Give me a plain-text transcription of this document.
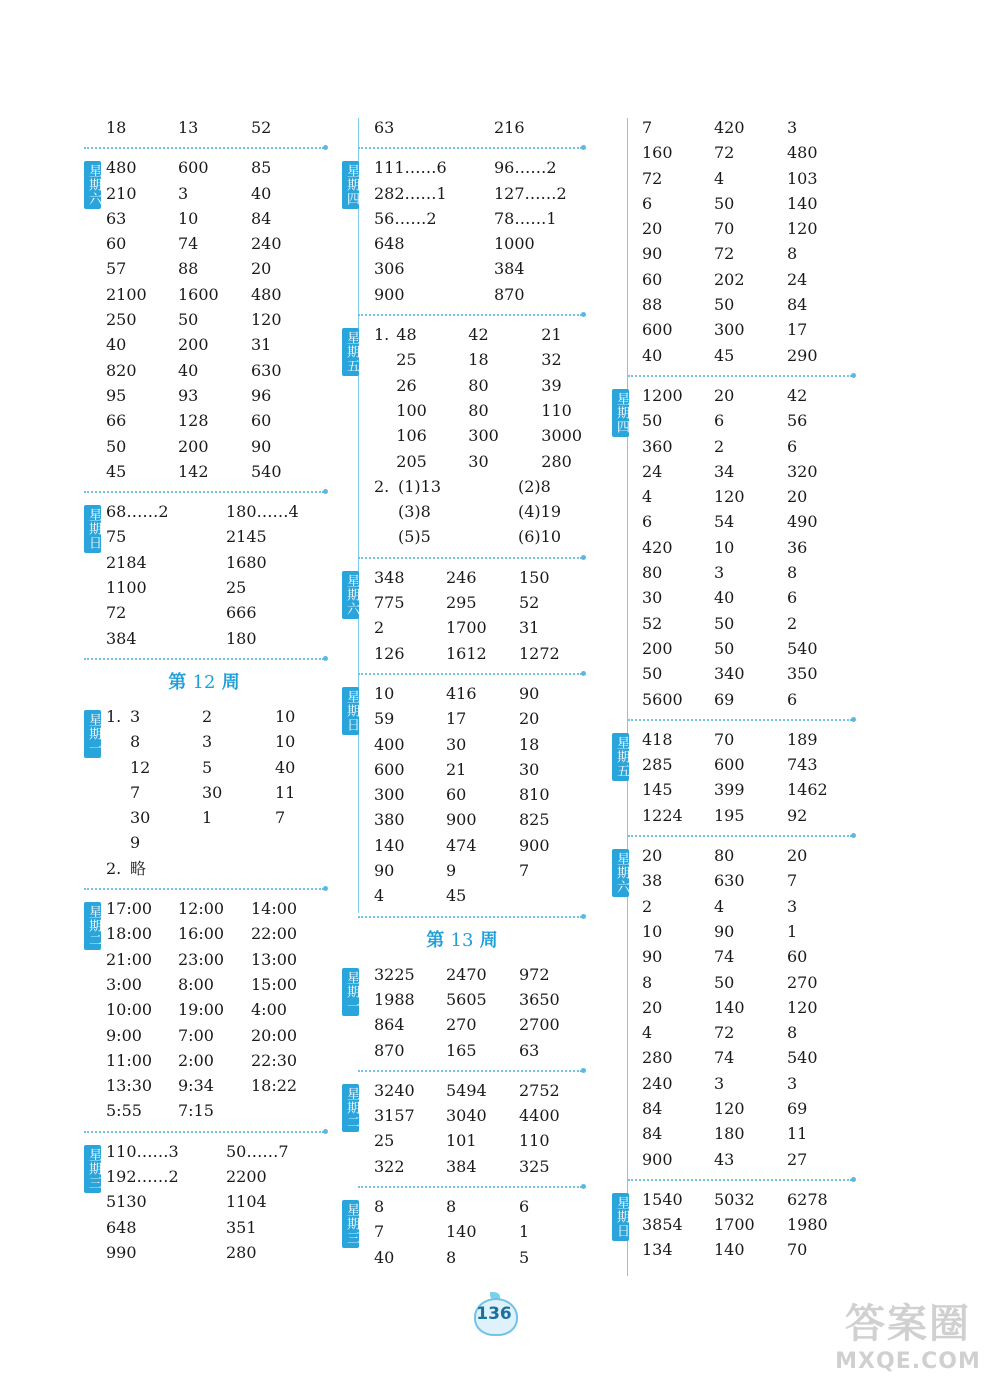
18	13	52
星期六 480	600	85
210	3	40
63	10	84
60	74	240
57	88	20
2100	1600	480
250	50	120
40	200	31
820	40	630
95	93	96
66	128	60
50	200	90
45	142	540
星期日 68……2	180……4
75	2145
2184	1680
1100	25
72	666
384	180
第 12 周
星期一 1. 3	2	10
8	3	10
12	5	40
7	30	11
30	1	7
9
2. 略
星期二 17:00	12:00	14:00
18:00	16:00	22:00
21:00	23:00	13:00
3:00	8:00	15:00
10:00	19:00	4:00
9:00	7:00	20:00
11:00	2:00	22:30
13:30	9:34	18:22
5:55	7:15
星期三 110……3	50……7
192……2	2200
5130	1104
648	351
990	280
63	216
星期四 111……6	96……2
282……1	127……2
56……2	78……1
648	1000
306	384
900	870
星期五 1. 48	42	21
25	18	32
26	80	39
100	80	110
106	300	3000
205	30	280
2. (1)13	(2)8
(3)8	(4)19
(5)5	(6)10
星期六 348	246	150
775	295	52
2	1700	31
126	1612	1272
星期日 10	416	90
59	17	20
400	30	18
600	21	30
300	60	810
380	900	825
140	474	900
90	9	7
4	45
第 13 周
星期一 3225	2470	972
1988	5605	3650
864	270	2700
870	165	63
星期二 3240	5494	2752
3157	3040	4400
25	101	110
322	384	325
星期三 8	8	6
7	140	1
40	8	5
7	420	3
160	72	480
72	4	103
6	50	140
20	70	120
90	72	8
60	202	24
88	50	84
600	300	17
40	45	290
星期四 1200	20	42
50	6	56
360	2	6
24	34	320
4	120	20
6	54	490
420	10	36
80	3	8
30	40	6
52	50	2
200	50	540
50	340	350
5600	69	6
星期五 418	70	189
285	600	743
145	399	1462
1224	195	92
星期六 20	80	20
38	630	7
2	4	3
10	90	1
90	74	60
8	50	270
20	140	120
4	72	8
280	74	540
240	3	3
84	120	69
84	180	11
900	43	27
星期日 1540	5032	6278
3854	1700	1980
134	140	70
136	答案圈
MXQE.COM
